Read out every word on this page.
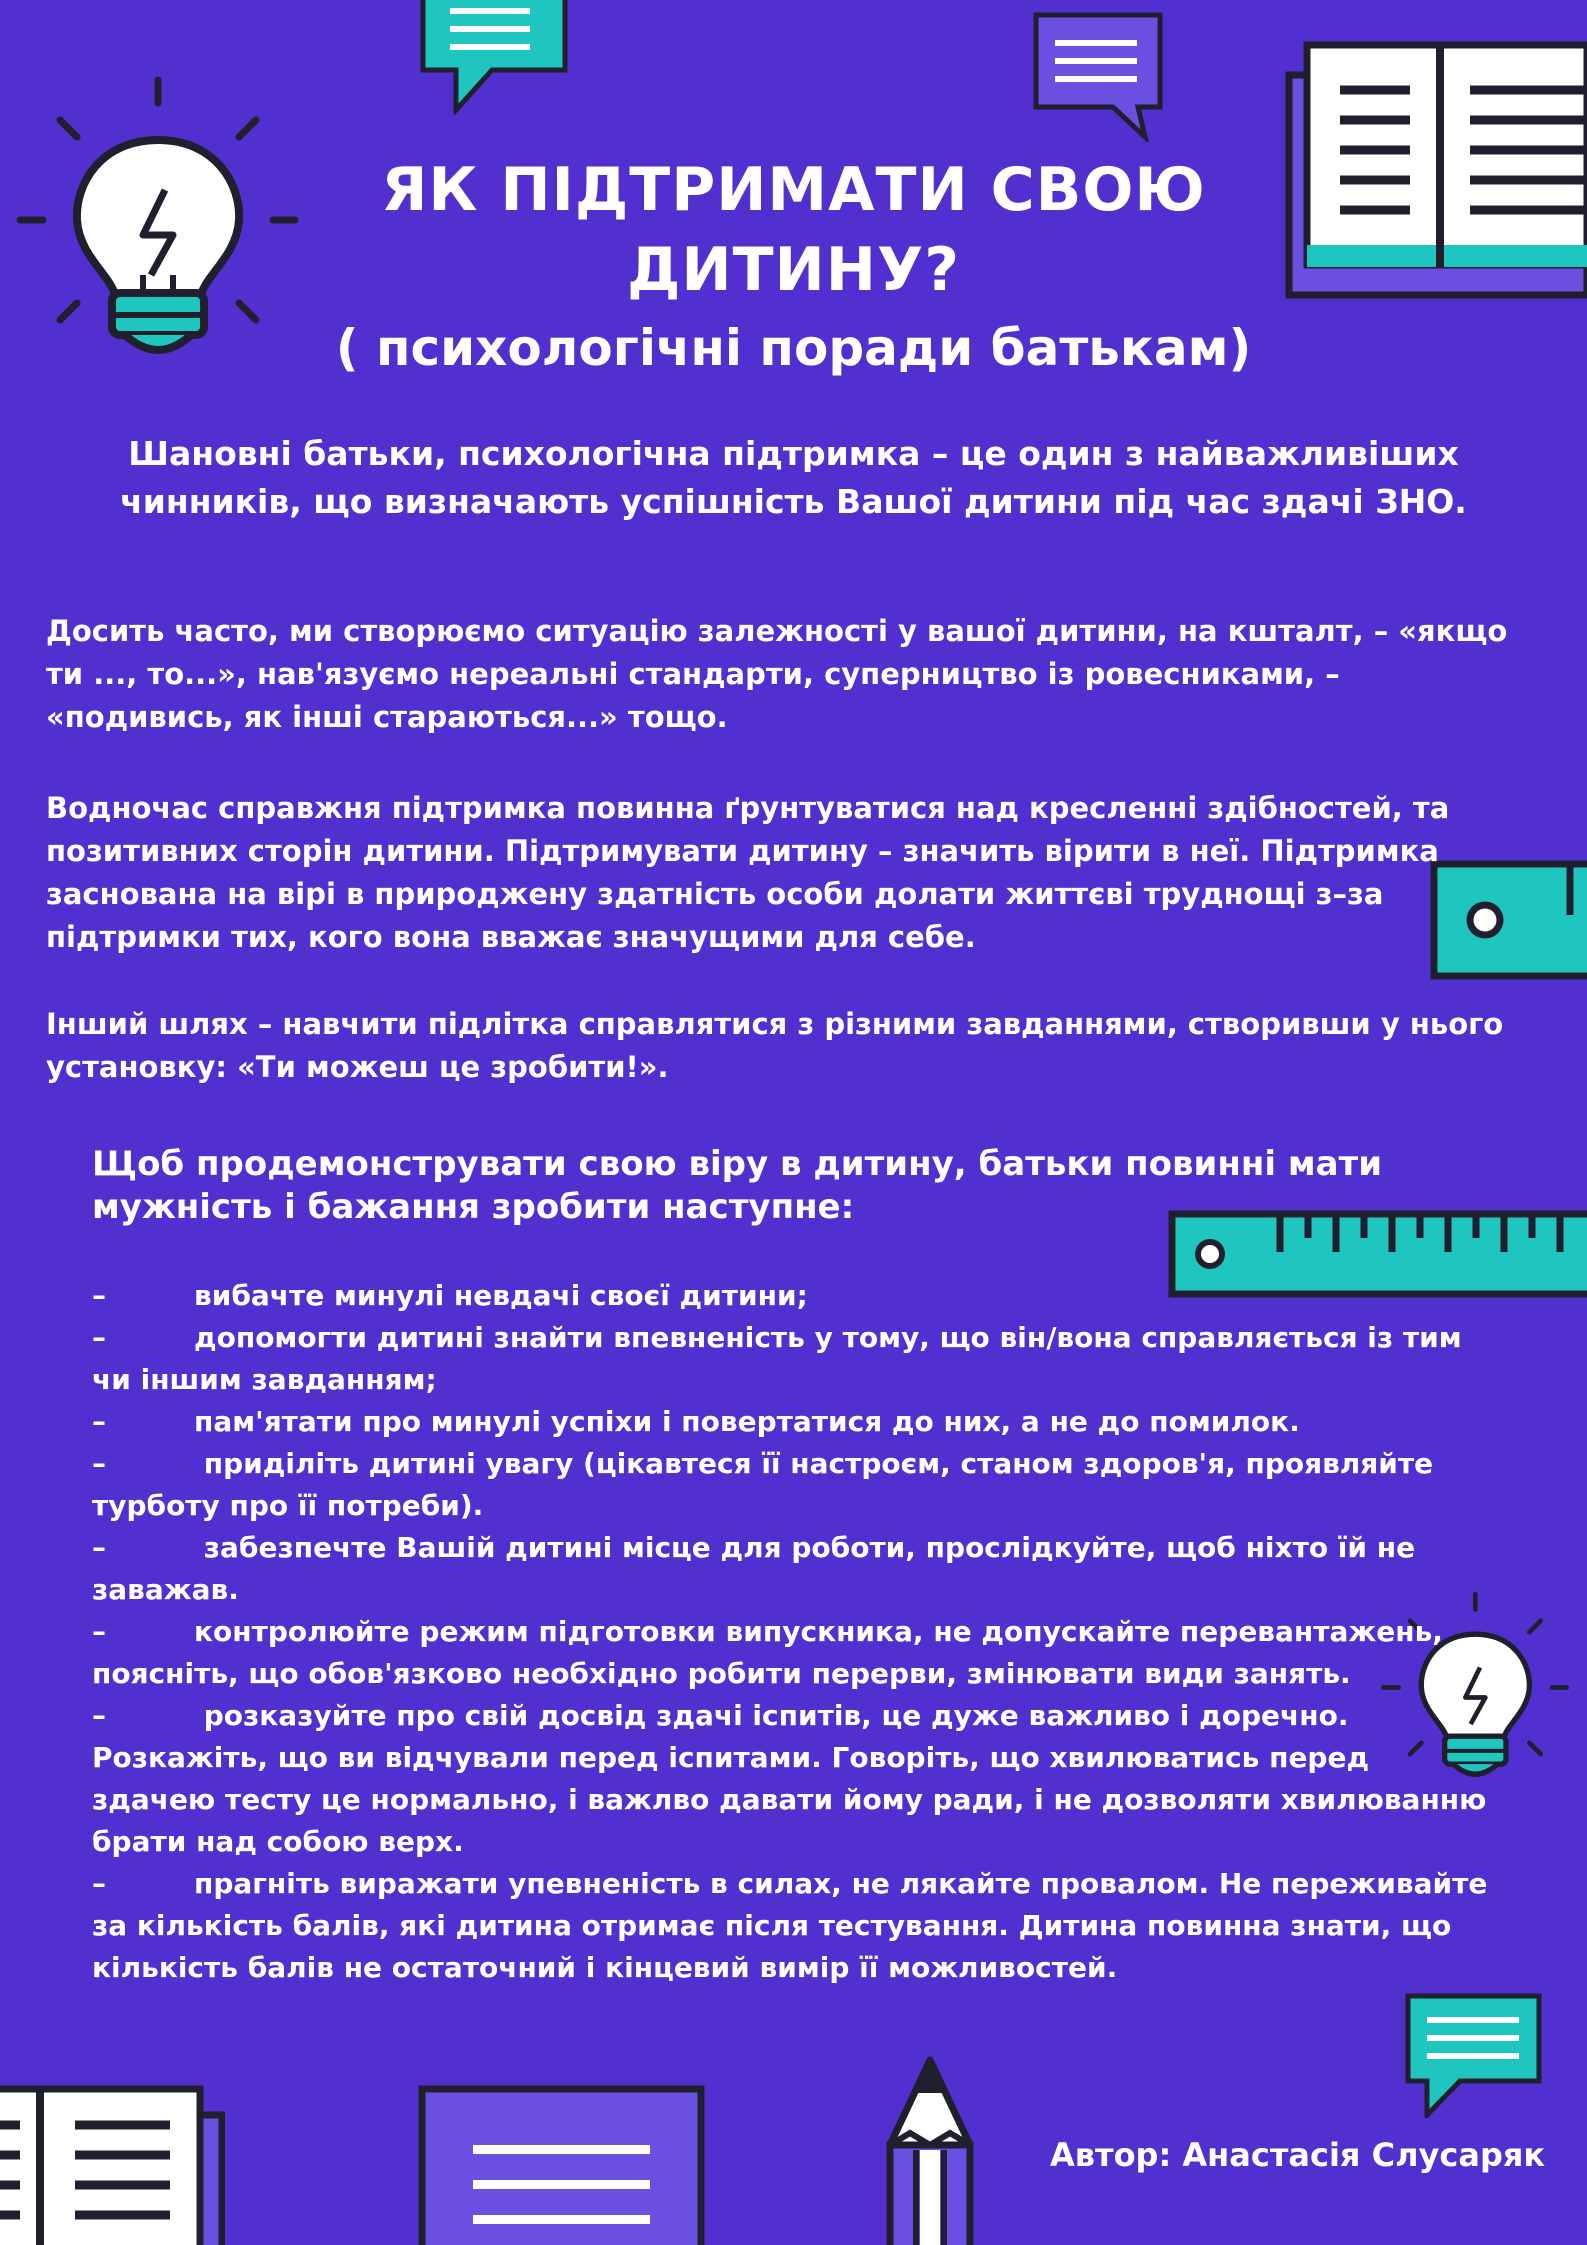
ЯК ПІДТРИМАТИ СВОЮ
ДИТИНУ?

( психологічні поради батькам)

Шановні батьки, психологічна підтримка – це один з найважливіших чинників, що визначають успішність Вашої дитини під час здачі ЗНО.

Досить часто, ми створюємо ситуацію залежності у вашої дитини, на кшталт, – «якщо ти ..., то...», нав'язуємо нереальні стандарти, суперництво із ровесниками, – «подивись, як інші стараються...» тощо.

Водночас справжня підтримка повинна ґрунтуватися над кресленні здібностей, та позитивних сторін дитини. Підтримувати дитину – значить вірити в неї. Підтримка заснована на вірі в природжену здатність особи долати життєві труднощі з–за підтримки тих, кого вона вважає значущими для себе.

Інший шлях – навчити підлітка справлятися з різними завданнями, створивши у нього установку: «Ти можеш це зробити!».

Щоб продемонструвати свою віру в дитину, батьки повинні мати мужність і бажання зробити наступне:

–	вибачте минулі невдачі своєї дитини;

–	допомогти дитині знайти впевненість у тому, що він/вона справляється із тим чи іншим завданням;

–	пам'ятати про минулі успіхи і повертатися до них, а не до помилок.

–	приділіть дитині увагу (цікавтеся її настроєм, станом здоров'я, проявляйте турботу про її потреби).

–	забезпечте Вашій дитині місце для роботи, прослідкуйте, щоб ніхто їй не заважав.

–	контролюйте режим підготовки випускника, не допускайте перевантажень, поясніть, що обов'язково необхідно робити перерви, змінювати види занять.

–	розказуйте про свій досвід здачі іспитів, це дуже важливо і доречно. Розкажіть, що ви відчували перед іспитами. Говоріть, що хвилюватись перед здачею тесту це нормально, і важлво давати йому ради, і не дозволяти хвилюванню брати над собою верх.

–	прагніть виражати упевненість в силах, не лякайте провалом. Не переживайте за кількість балів, які дитина отримає після тестування. Дитина повинна знати, що кількість балів не остаточний і кінцевий вимір її можливостей.

Автор: Анастасія Слусаряк
